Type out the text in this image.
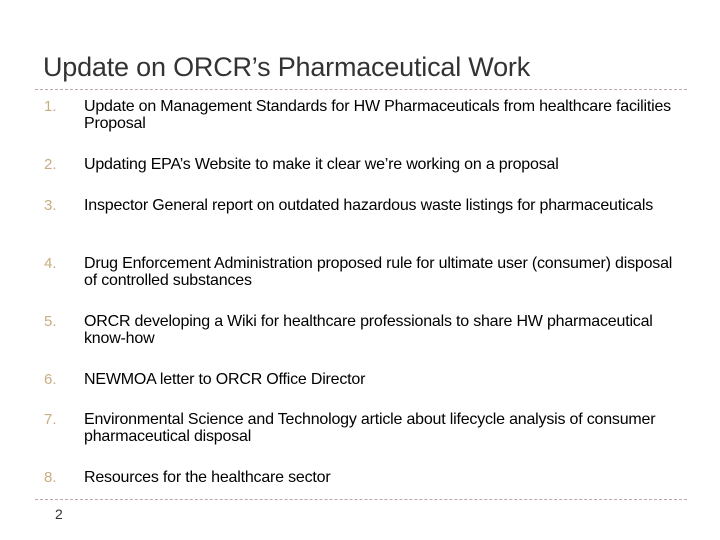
Update on ORCR’s Pharmaceutical Work
1. Update on Management Standards for HW Pharmaceuticals from healthcare facilities Proposal
2. Updating EPA’s Website to make it clear we’re working on a proposal
3. Inspector General report on outdated hazardous waste listings for pharmaceuticals
4. Drug Enforcement Administration proposed rule for ultimate user (consumer) disposal of controlled substances
5. ORCR developing a Wiki for healthcare professionals to share HW pharmaceutical know-how
6. NEWMOA letter to ORCR Office Director
7. Environmental Science and Technology article about lifecycle analysis of consumer pharmaceutical disposal
8. Resources for the healthcare sector
2
